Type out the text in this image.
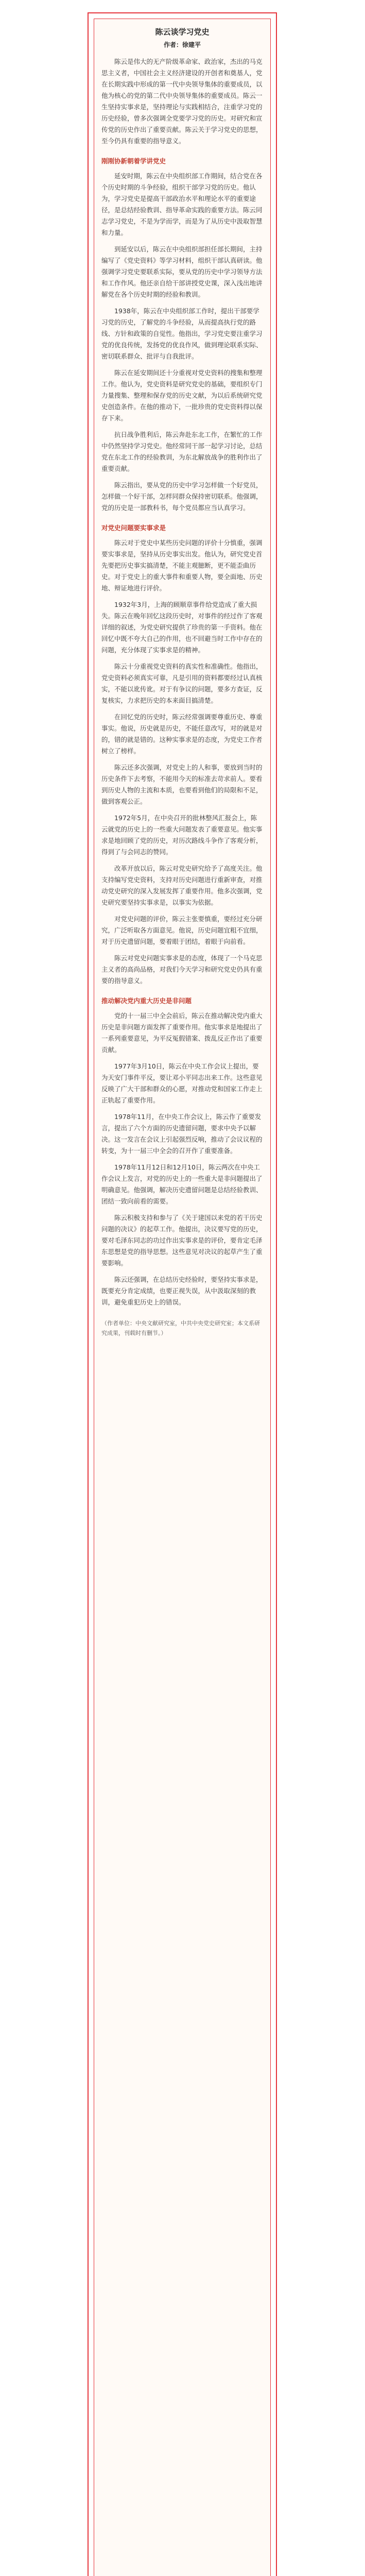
陈云谈学习党史
作者：徐建平
陈云是伟大的无产阶级革命家、政治家，杰出的马克思主义者，中国社会主义经济建设的开创者和奠基人，党在长期实践中形成的第一代中央领导集体的重要成员，以他为核心的党的第二代中央领导集体的重要成员。陈云一生坚持实事求是，坚持理论与实践相结合，注重学习党的历史经验，曾多次强调全党要学习党的历史。对研究和宣传党的历史作出了重要贡献。陈云关于学习党史的思想，至今仍具有重要的指导意义。
刚刚协新朝着学讲党史
延安时期，陈云在中央组织部工作期间，结合党在各个历史时期的斗争经验，组织干部学习党的历史。他认为，学习党史是提高干部政治水平和理论水平的重要途径，是总结经验教训、指导革命实践的重要方法。陈云同志学习党史，不是为学而学，而是为了从历史中汲取智慧和力量。
到延安以后，陈云在中央组织部担任部长期间，主持编写了《党史资料》等学习材料，组织干部认真研读。他强调学习党史要联系实际，要从党的历史中学习领导方法和工作作风。他还亲自给干部讲授党史课，深入浅出地讲解党在各个历史时期的经验和教训。
1938年，陈云在中央组织部工作时，提出干部要学习党的历史，了解党的斗争经验，从而提高执行党的路线、方针和政策的自觉性。他指出，学习党史要注重学习党的优良传统，发扬党的优良作风，做到理论联系实际、密切联系群众、批评与自我批评。
陈云在延安期间还十分重视对党史资料的搜集和整理工作。他认为，党史资料是研究党史的基础，要组织专门力量搜集、整理和保存党的历史文献，为以后系统研究党史创造条件。在他的推动下，一批珍贵的党史资料得以保存下来。
抗日战争胜利后，陈云奔赴东北工作，在繁忙的工作中仍然坚持学习党史。他经常同干部一起学习讨论，总结党在东北工作的经验教训，为东北解放战争的胜利作出了重要贡献。
陈云指出，要从党的历史中学习怎样做一个好党员，怎样做一个好干部，怎样同群众保持密切联系。他强调，党的历史是一部教科书，每个党员都应当认真学习。
对党史问题要实事求是
陈云对于党史中某些历史问题的评价十分慎重，强调要实事求是，坚持从历史事实出发。他认为，研究党史首先要把历史事实搞清楚，不能主观臆断，更不能歪曲历史。对于党史上的重大事件和重要人物，要全面地、历史地、辩证地进行评价。
1932年3月，上海的顾顺章事件给党造成了重大损失。陈云在晚年回忆这段历史时，对事件的经过作了客观详细的叙述，为党史研究提供了珍贵的第一手资料。他在回忆中既不夸大自己的作用，也不回避当时工作中存在的问题，充分体现了实事求是的精神。
陈云十分重视党史资料的真实性和准确性。他指出，党史资料必须真实可靠，凡是引用的资料都要经过认真核实，不能以讹传讹。对于有争议的问题，要多方查证，反复核实，力求把历史的本来面目搞清楚。
在回忆党的历史时，陈云经常强调要尊重历史、尊重事实。他说，历史就是历史，不能任意改写，对的就是对的，错的就是错的。这种实事求是的态度，为党史工作者树立了榜样。
陈云还多次强调，对党史上的人和事，要放到当时的历史条件下去考察，不能用今天的标准去苛求前人。要看到历史人物的主流和本质，也要看到他们的局限和不足，做到客观公正。
1972年5月，在中央召开的批林整风汇报会上，陈云就党的历史上的一些重大问题发表了重要意见。他实事求是地回顾了党的历史，对历次路线斗争作了客观分析，得到了与会同志的赞同。
改革开放以后，陈云对党史研究给予了高度关注。他支持编写党史资料，支持对历史问题进行重新审查，对推动党史研究的深入发展发挥了重要作用。他多次强调，党史研究要坚持实事求是，以事实为依据。
对党史问题的评价，陈云主张要慎重，要经过充分研究，广泛听取各方面意见。他说，历史问题宜粗不宜细，对于历史遗留问题，要着眼于团结，着眼于向前看。
陈云对党史问题实事求是的态度，体现了一个马克思主义者的高尚品格，对我们今天学习和研究党史仍具有重要的指导意义。
推动解决党内重大历史是非问题
党的十一届三中全会前后，陈云在推动解决党内重大历史是非问题方面发挥了重要作用。他实事求是地提出了一系列重要意见，为平反冤假错案、拨乱反正作出了重要贡献。
1977年3月10日，陈云在中央工作会议上提出，要为天安门事件平反，要让邓小平同志出来工作。这些意见反映了广大干部和群众的心愿，对推动党和国家工作走上正轨起了重要作用。
1978年11月，在中央工作会议上，陈云作了重要发言，提出了六个方面的历史遗留问题，要求中央予以解决。这一发言在会议上引起强烈反响，推动了会议议程的转变，为十一届三中全会的召开作了重要准备。
1978年11月12日和12月10日，陈云两次在中央工作会议上发言，对党的历史上的一些重大是非问题提出了明确意见。他强调，解决历史遗留问题是总结经验教训、团结一致向前看的需要。
陈云积极支持和参与了《关于建国以来党的若干历史问题的决议》的起草工作。他提出，决议要写党的历史，要对毛泽东同志的功过作出实事求是的评价，要肯定毛泽东思想是党的指导思想。这些意见对决议的起草产生了重要影响。
陈云还强调，在总结历史经验时，要坚持实事求是，既要充分肯定成绩，也要正视失误，从中汲取深刻的教训，避免重犯历史上的错误。
（作者单位：中央文献研究室，中共中央党史研究室；本文系研究成果，刊载时有删节。）
